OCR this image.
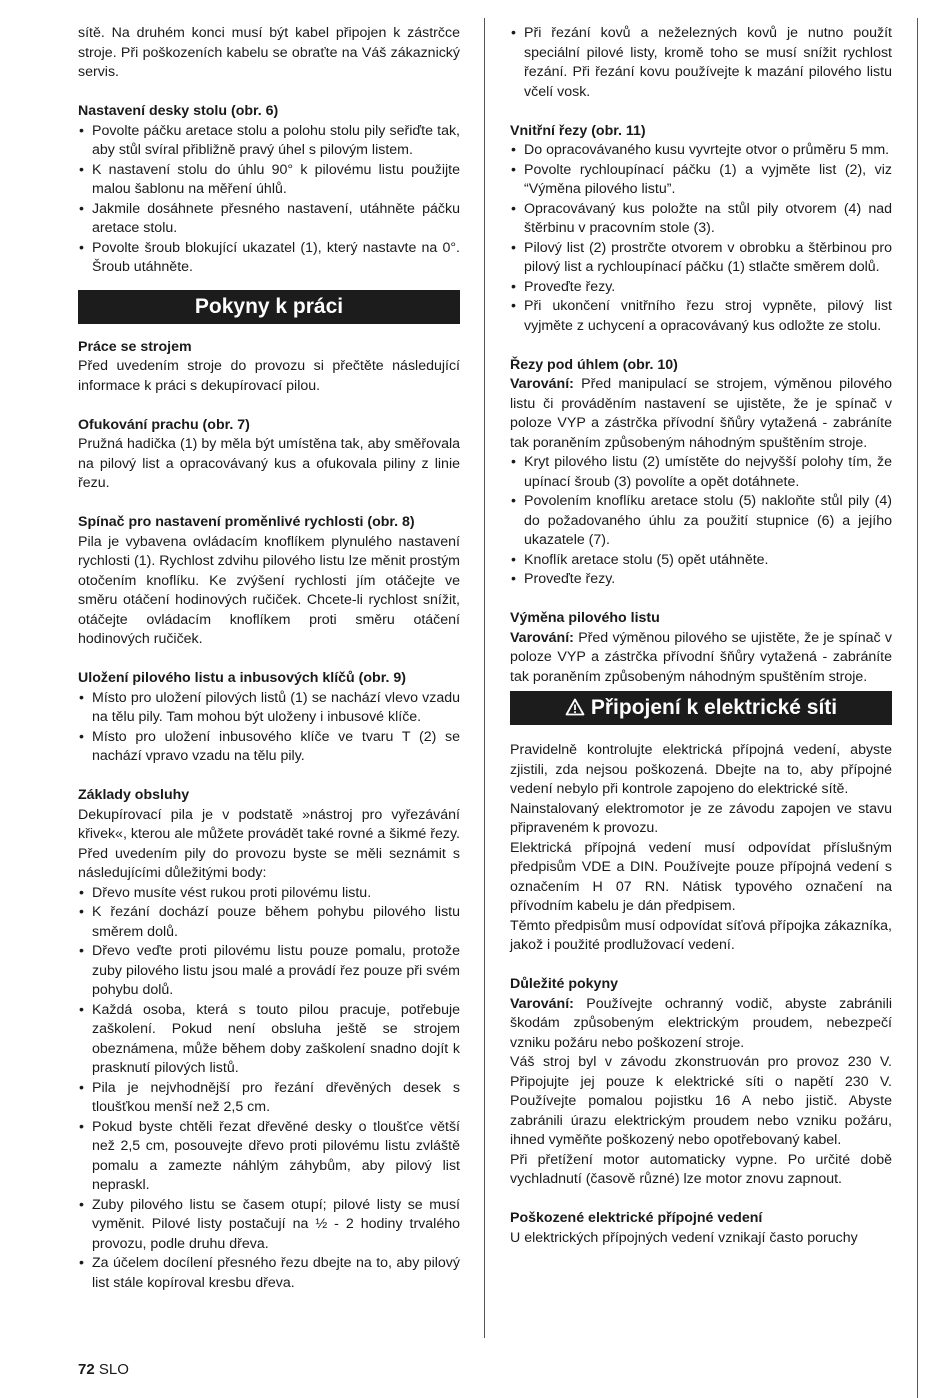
sítě. Na druhém konci musí být kabel připojen k zástrčce stroje. Při poškozeních kabelu se obraťte na Váš zákaznický servis.

Nastavení desky stolu (obr. 6)

• Povolte páčku aretace stolu a polohu stolu pily seřiďte tak, aby stůl svíral přibližně pravý úhel s pilovým listem.
• K nastavení stolu do úhlu 90° k pilovému listu použijte malou šablonu na měření úhlů.
• Jakmile dosáhnete přesného nastavení, utáhněte páčku aretace stolu.
• Povolte šroub blokující ukazatel (1), který nastavte na 0°. Šroub utáhněte.
Pokyny k práci

Práce se strojem

Před uvedením stroje do provozu si přečtěte následující informace k práci s dekupírovací pilou.

Ofukování prachu (obr. 7)

Pružná hadička (1) by měla být umístěna tak, aby směřovala na pilový list a opracovávaný kus a ofukovala piliny z linie řezu.

Spínač pro nastavení proměnlivé rychlosti (obr. 8)

Pila je vybavena ovládacím knoflíkem plynulého nastavení rychlosti (1). Rychlost zdvihu pilového listu lze měnit prostým otočením knoflíku. Ke zvýšení rychlosti jím otáčejte ve směru otáčení hodinových ručiček. Chcete-li rychlost snížit, otáčejte ovládacím knoflíkem proti směru otáčení hodinových ručiček.

Uložení pilového listu a inbusových klíčů (obr. 9)

• Místo pro uložení pilových listů (1) se nachází vlevo vzadu na tělu pily. Tam mohou být uloženy i inbusové klíče.
• Místo pro uložení inbusového klíče ve tvaru T (2) se nachází vpravo vzadu na tělu pily.

Základy obsluhy

Dekupírovací pila je v podstatě »nástroj pro vyřezávání křivek«, kterou ale můžete provádět také rovné a šikmé řezy. Před uvedením pily do provozu byste se měli seznámit s následujícími důležitými body:

• Dřevo musíte vést rukou proti pilovému listu.
• K řezání dochází pouze během pohybu pilového listu směrem dolů.
• Dřevo veďte proti pilovému listu pouze pomalu, protože zuby pilového listu jsou malé a provádí řez pouze při svém pohybu dolů.
• Každá osoba, která s touto pilou pracuje, potřebuje zaškolení. Pokud není obsluha ještě se strojem obeznámena, může během doby zaškolení snadno dojít k prasknutí pilových listů.
• Pila je nejvhodnější pro řezání dřevěných desek s tloušťkou menší než 2,5 cm.
• Pokud byste chtěli řezat dřevěné desky o tloušťce větší než 2,5 cm, posouvejte dřevo proti pilovému listu zvláště pomalu a zamezte náhlým záhybům, aby pilový list nepraskl.
• Zuby pilového listu se časem otupí; pilové listy se musí vyměnit. Pilové listy postačují na ½ - 2 hodiny trvalého provozu, podle druhu dřeva.
• Za účelem docílení přesného řezu dbejte na to, aby pilový list stále kopíroval kresbu dřeva.
• Při řezání kovů a neželezných kovů je nutno použít speciální pilové listy, kromě toho se musí snížit rychlost řezání. Při řezání kovu používejte k mazání pilového listu včelí vosk.

Vnitřní řezy (obr. 11)

• Do opracovávaného kusu vyvrtejte otvor o průměru 5 mm.
• Povolte rychloupínací páčku (1) a vyjměte list (2), viz “Výměna pilového listu”.
• Opracovávaný kus položte na stůl pily otvorem (4) nad štěrbinu v pracovním stole (3).
• Pilový list (2) prostrčte otvorem v obrobku a štěrbinou pro pilový list a rychloupínací páčku (1) stlačte směrem dolů.
• Proveďte řezy.
• Při ukončení vnitřního řezu stroj vypněte, pilový list vyjměte z uchycení a opracovávaný kus odložte ze stolu.

Řezy pod úhlem (obr. 10)

Varování: Před manipulací se strojem, výměnou pilového listu či prováděním nastavení se ujistěte, že je spínač v poloze VYP a zástrčka přívodní šňůry vytažená - zabráníte tak poraněním způsobeným náhodným spuštěním stroje.

• Kryt pilového listu (2) umístěte do nejvyšší polohy tím, že upínací šroub (3) povolíte a opět dotáhnete.
• Povolením knoflíku aretace stolu (5) nakloňte stůl pily (4) do požadovaného úhlu za použití stupnice (6) a jejího ukazatele (7).
• Knoflík aretace stolu (5) opět utáhněte.
• Proveďte řezy.

Výměna pilového listu

Varování: Před výměnou pilového se ujistěte, že je spínač v poloze VYP a zástrčka přívodní šňůry vytažená - zabráníte tak poraněním způsobeným náhodným spuštěním stroje.

Připojení k elektrické síti

Pravidelně kontrolujte elektrická přípojná vedení, abyste zjistili, zda nejsou poškozená. Dbejte na to, aby přípojné vedení nebylo při kontrole zapojeno do elektrické sítě.

Nainstalovaný elektromotor je ze závodu zapojen ve stavu připraveném k provozu.

Elektrická přípojná vedení musí odpovídat příslušným předpisům VDE a DIN. Používejte pouze přípojná vedení s označením H 07 RN. Nátisk typového označení na přívodním kabelu je dán předpisem.

Těmto předpisům musí odpovídat síťová přípojka zákazníka, jakož i použité prodlužovací vedení.

Důležité pokyny

Varování: Používejte ochranný vodič, abyste zabránili škodám způsobeným elektrickým proudem, nebezpečí vzniku požáru nebo poškození stroje.

Váš stroj byl v závodu zkonstruován pro provoz 230 V. Připojujte jej pouze k elektrické síti o napětí 230 V. Používejte pomalou pojistku 16 A nebo jistič. Abyste zabránili úrazu elektrickým proudem nebo vzniku požáru, ihned vyměňte poškozený nebo opotřebovaný kabel.

Při přetížení motor automaticky vypne. Po určité době vychladnutí (časově různé) lze motor znovu zapnout.

Poškozené elektrické přípojné vedení

U elektrických přípojných vedení vznikají často poruchy

72 SLO
